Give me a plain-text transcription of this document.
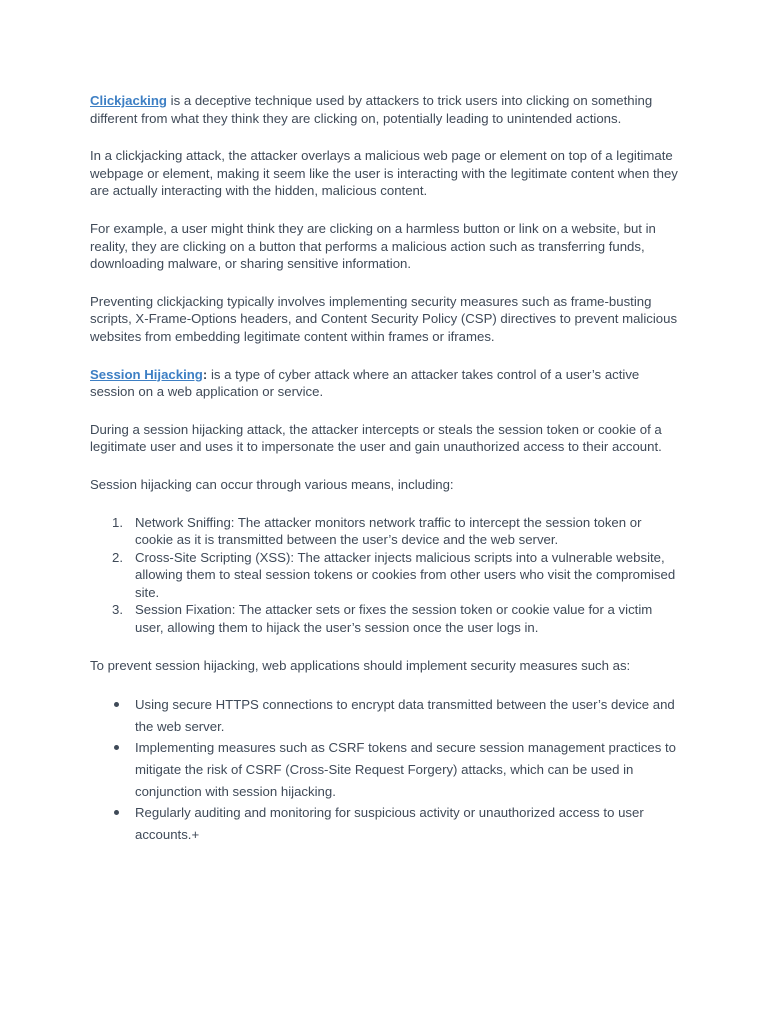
Clickjacking is a deceptive technique used by attackers to trick users into clicking on something different from what they think they are clicking on, potentially leading to unintended actions.

In a clickjacking attack, the attacker overlays a malicious web page or element on top of a legitimate webpage or element, making it seem like the user is interacting with the legitimate content when they are actually interacting with the hidden, malicious content.

For example, a user might think they are clicking on a harmless button or link on a website, but in reality, they are clicking on a button that performs a malicious action such as transferring funds, downloading malware, or sharing sensitive information.

Preventing clickjacking typically involves implementing security measures such as frame-busting scripts, X-Frame-Options headers, and Content Security Policy (CSP) directives to prevent malicious websites from embedding legitimate content within frames or iframes.

Session Hijacking: is a type of cyber attack where an attacker takes control of a user’s active session on a web application or service.

During a session hijacking attack, the attacker intercepts or steals the session token or cookie of a legitimate user and uses it to impersonate the user and gain unauthorized access to their account.

Session hijacking can occur through various means, including:

1. Network Sniffing: The attacker monitors network traffic to intercept the session token or cookie as it is transmitted between the user’s device and the web server.
2. Cross-Site Scripting (XSS): The attacker injects malicious scripts into a vulnerable website, allowing them to steal session tokens or cookies from other users who visit the compromised site.
3. Session Fixation: The attacker sets or fixes the session token or cookie value for a victim user, allowing them to hijack the user’s session once the user logs in.

To prevent session hijacking, web applications should implement security measures such as:

Using secure HTTPS connections to encrypt data transmitted between the user’s device and the web server.
Implementing measures such as CSRF tokens and secure session management practices to mitigate the risk of CSRF (Cross-Site Request Forgery) attacks, which can be used in conjunction with session hijacking.
Regularly auditing and monitoring for suspicious activity or unauthorized access to user accounts.+
